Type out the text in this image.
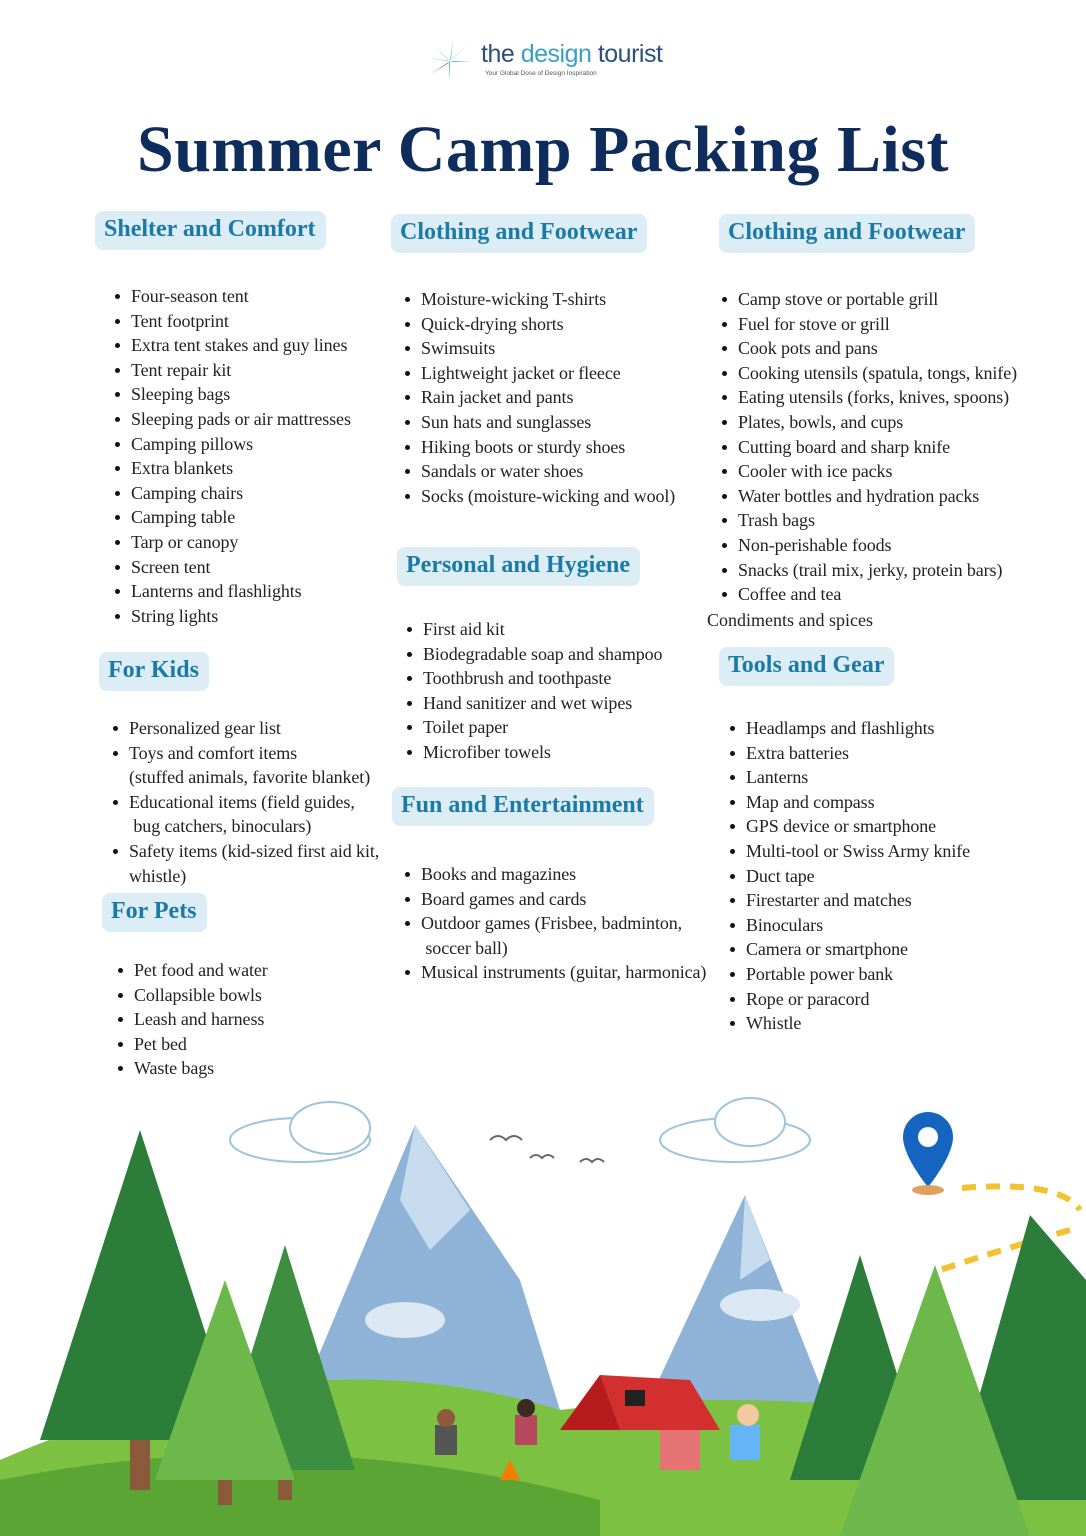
the design tourist
Your Global Dose of Design Inspiration
Summer Camp Packing List
Shelter and Comfort
Four-season tent
Tent footprint
Extra tent stakes and guy lines
Tent repair kit
Sleeping bags
Sleeping pads or air mattresses
Camping pillows
Extra blankets
Camping chairs
Camping table
Tarp or canopy
Screen tent
Lanterns and flashlights
String lights
For Kids
Personalized gear list
Toys and comfort items
(stuffed animals, favorite blanket)
Educational items (field guides,
bug catchers, binoculars)
Safety items (kid-sized first aid kit,
whistle)
For Pets
Pet food and water
Collapsible bowls
Leash and harness
Pet bed
Waste bags
Clothing and Footwear
Moisture-wicking T-shirts
Quick-drying shorts
Swimsuits
Lightweight jacket or fleece
Rain jacket and pants
Sun hats and sunglasses
Hiking boots or sturdy shoes
Sandals or water shoes
Socks (moisture-wicking and wool)
Personal and Hygiene
First aid kit
Biodegradable soap and shampoo
Toothbrush and toothpaste
Hand sanitizer and wet wipes
Toilet paper
Microfiber towels
Fun and Entertainment
Books and magazines
Board games and cards
Outdoor games (Frisbee, badminton,
soccer ball)
Musical instruments (guitar, harmonica)
Clothing and Footwear
Camp stove or portable grill
Fuel for stove or grill
Cook pots and pans
Cooking utensils (spatula, tongs, knife)
Eating utensils (forks, knives, spoons)
Plates, bowls, and cups
Cutting board and sharp knife
Cooler with ice packs
Water bottles and hydration packs
Trash bags
Non-perishable foods
Snacks (trail mix, jerky, protein bars)
Coffee and tea
Tools and Gear
Headlamps and flashlights
Extra batteries
Lanterns
Map and compass
GPS device or smartphone
Multi-tool or Swiss Army knife
Duct tape
Firestarter and matches
Binoculars
Camera or smartphone
Portable power bank
Rope or paracord
Whistle
Condiments and spices
